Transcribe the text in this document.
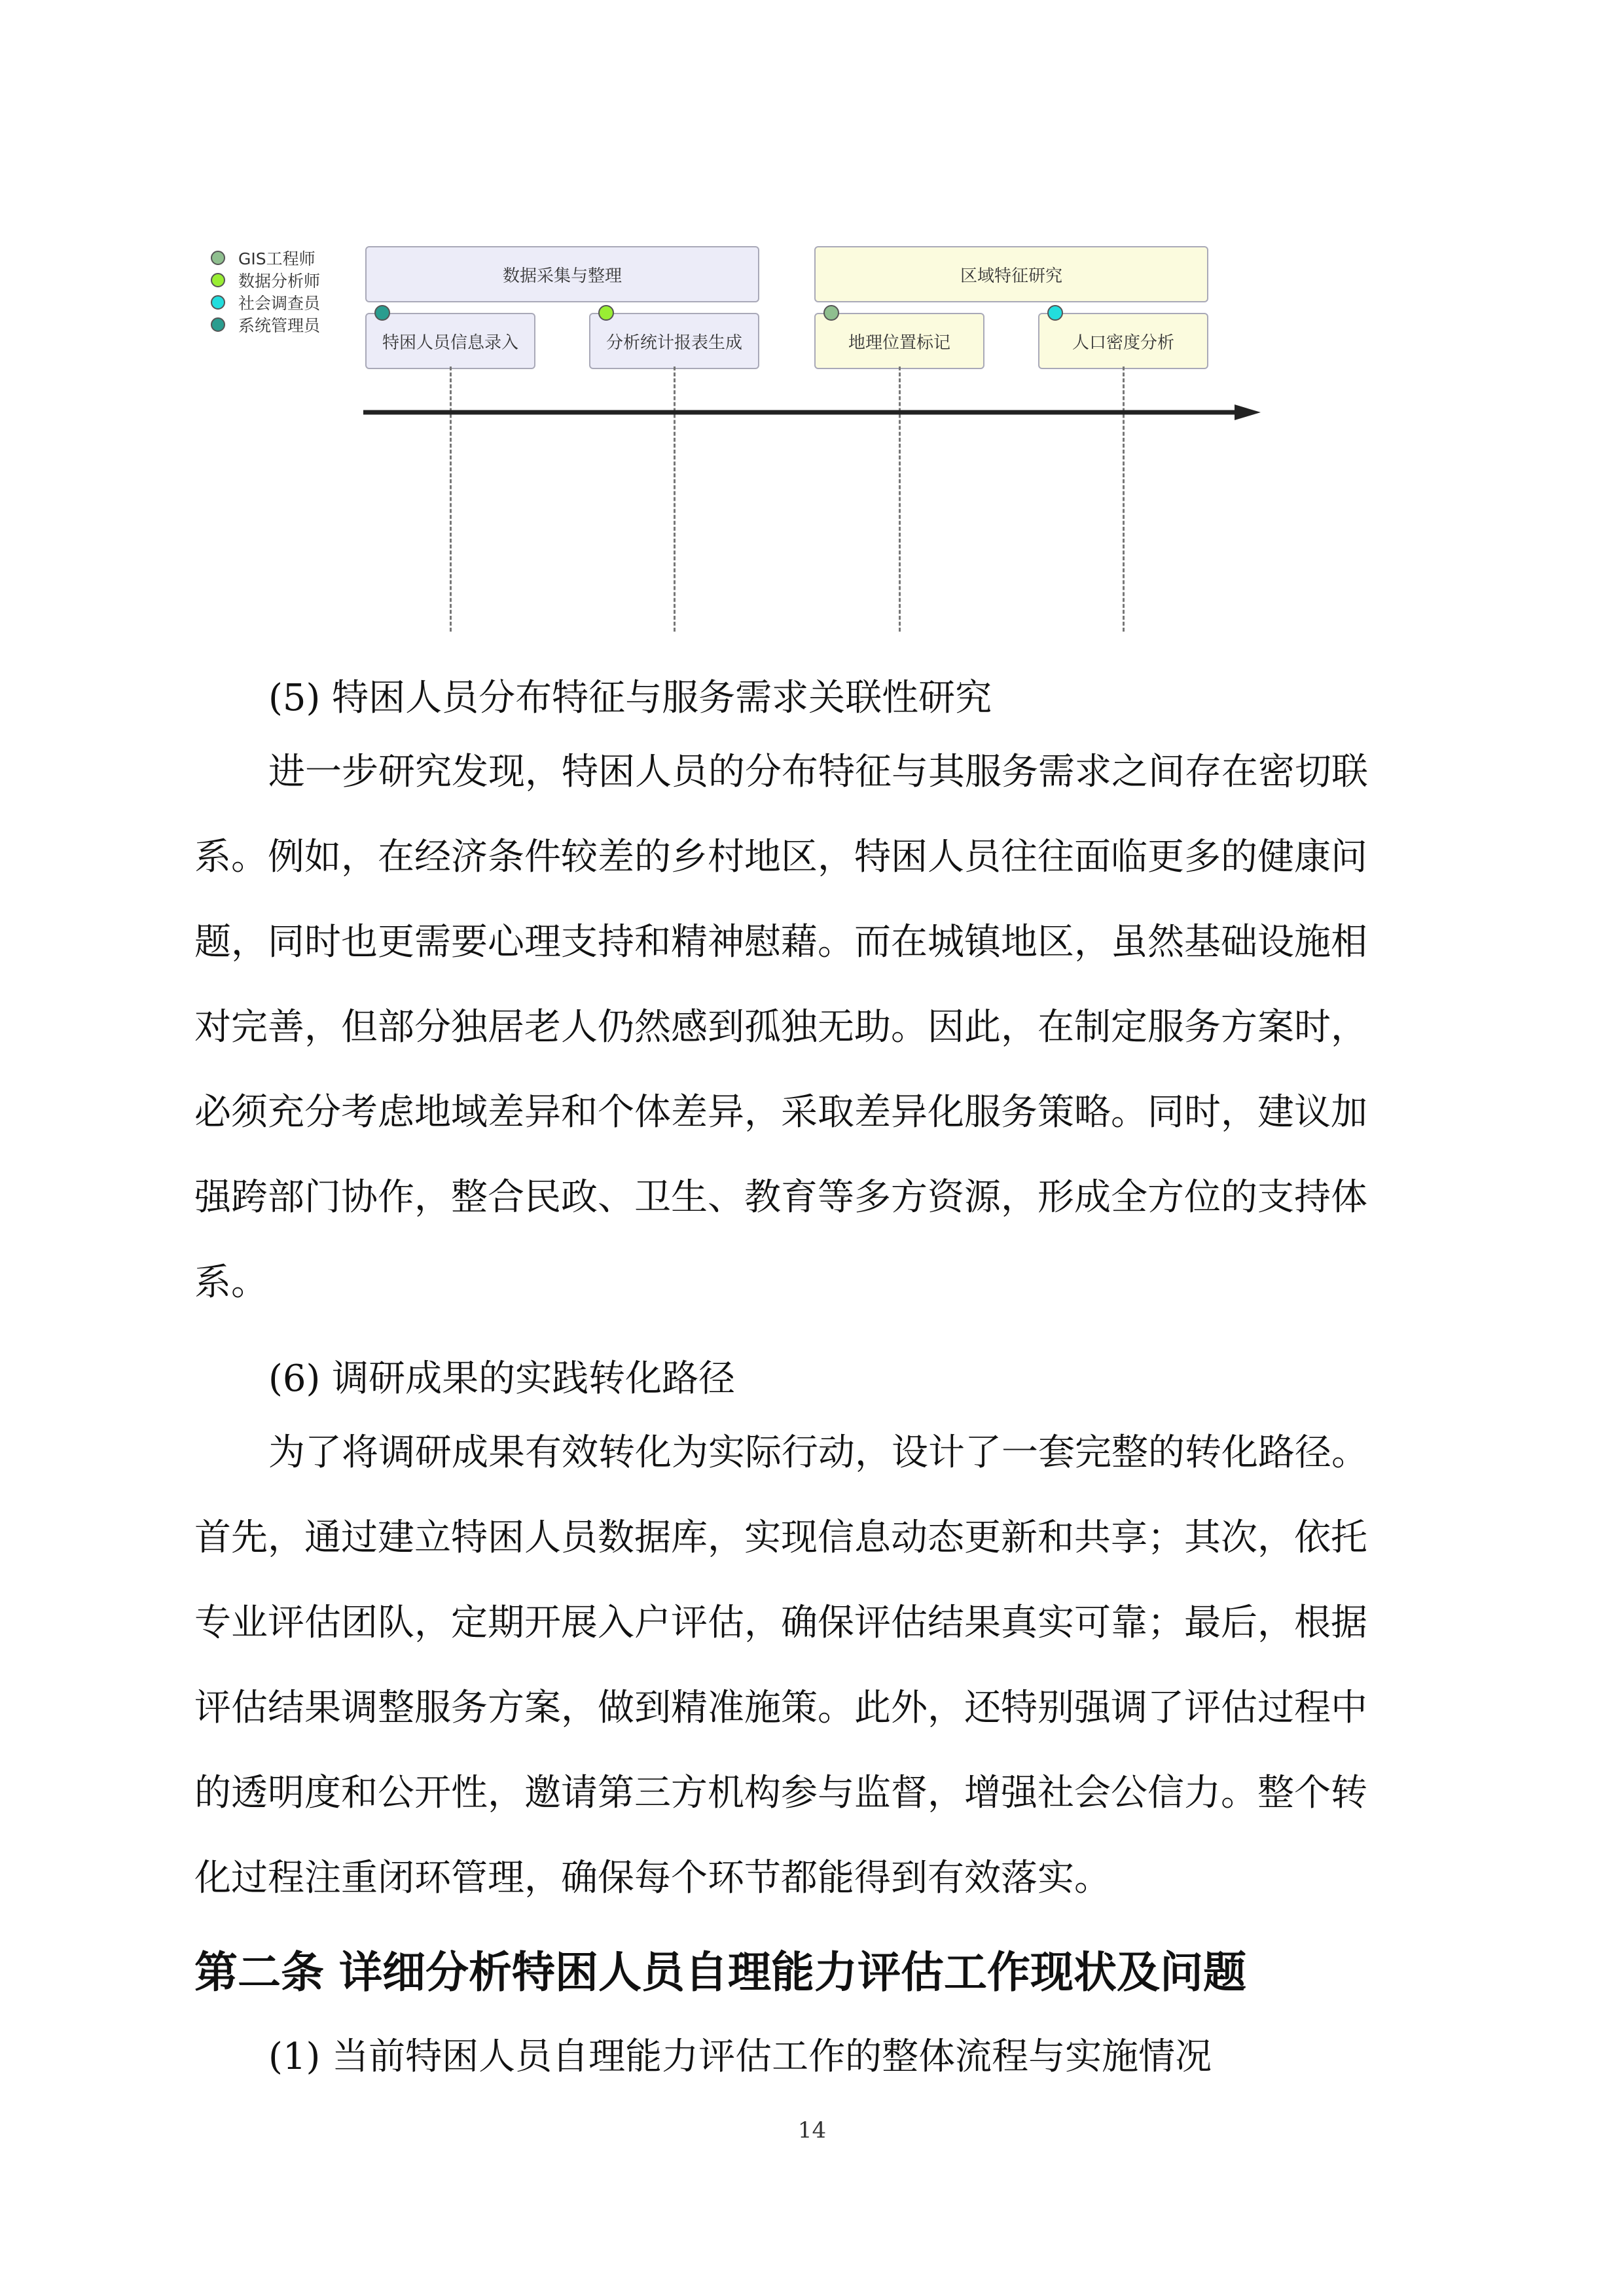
GIS工程师
数据分析师
社会调查员
系统管理员
数据采集与整理	区域特征研究
特困人员信息录入	分析统计报表生成	地理位置标记	人口密度分析
(5) 特困人员分布特征与服务需求关联性研究
进一步研究发现，特困人员的分布特征与其服务需求之间存在密切联
系。例如，在经济条件较差的乡村地区，特困人员往往面临更多的健康问
题，同时也更需要心理支持和精神慰藉。而在城镇地区，虽然基础设施相
对完善，但部分独居老人仍然感到孤独无助。因此，在制定服务方案时，
必须充分考虑地域差异和个体差异，采取差异化服务策略。同时，建议加
强跨部门协作，整合民政、卫生、教育等多方资源，形成全方位的支持体
系。
(6) 调研成果的实践转化路径
为了将调研成果有效转化为实际行动，设计了一套完整的转化路径。
首先，通过建立特困人员数据库，实现信息动态更新和共享；其次，依托
专业评估团队，定期开展入户评估，确保评估结果真实可靠；最后，根据
评估结果调整服务方案，做到精准施策。此外，还特别强调了评估过程中
的透明度和公开性，邀请第三方机构参与监督，增强社会公信力。整个转
化过程注重闭环管理，确保每个环节都能得到有效落实。
第二条 详细分析特困人员自理能力评估工作现状及问题
(1) 当前特困人员自理能力评估工作的整体流程与实施情况
14
